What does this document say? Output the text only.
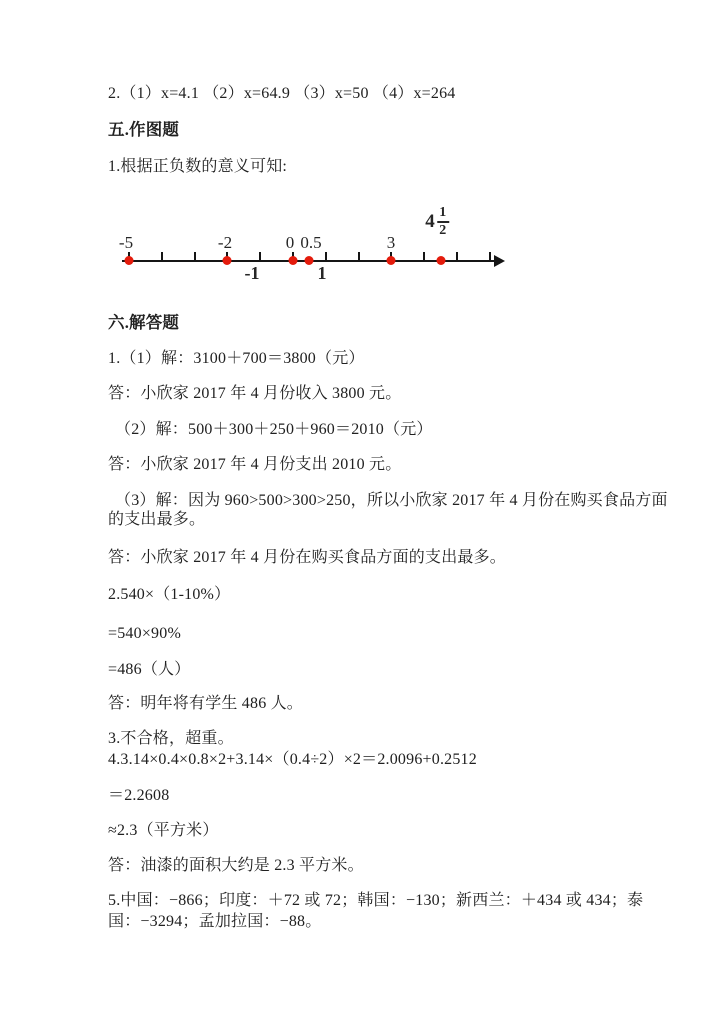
2.（1）x=4.1 （2）x=64.9 （3）x=50 （4）x=264

五.作图题

1.根据正负数的意义可知:

-5	-2	0 0.5	3
$4 \frac{1}{2}$
-1	1

六.解答题

1.（1）解：3100＋700＝3800（元）

答：小欣家 2017 年 4 月份收入 3800 元。

（2）解：500＋300＋250＋960＝2010（元）

答：小欣家 2017 年 4 月份支出 2010 元。

（3）解：因为 960>500>300>250，所以小欣家 2017 年 4 月份在购买食品方面

的支出最多。

答：小欣家 2017 年 4 月份在购买食品方面的支出最多。

2.540×（1-10%）

=540×90%

=486（人）

答：明年将有学生 486 人。

3.不合格，超重。

4.3.14×0.4×0.8×2+3.14×（0.4÷2）×2＝2.0096+0.2512

＝2.2608

≈2.3（平方米）

答：油漆的面积大约是 2.3 平方米。

5.中国：−866；印度：＋72 或 72；韩国：−130；新西兰：＋434 或 434；泰

国：−3294；孟加拉国：−88。
